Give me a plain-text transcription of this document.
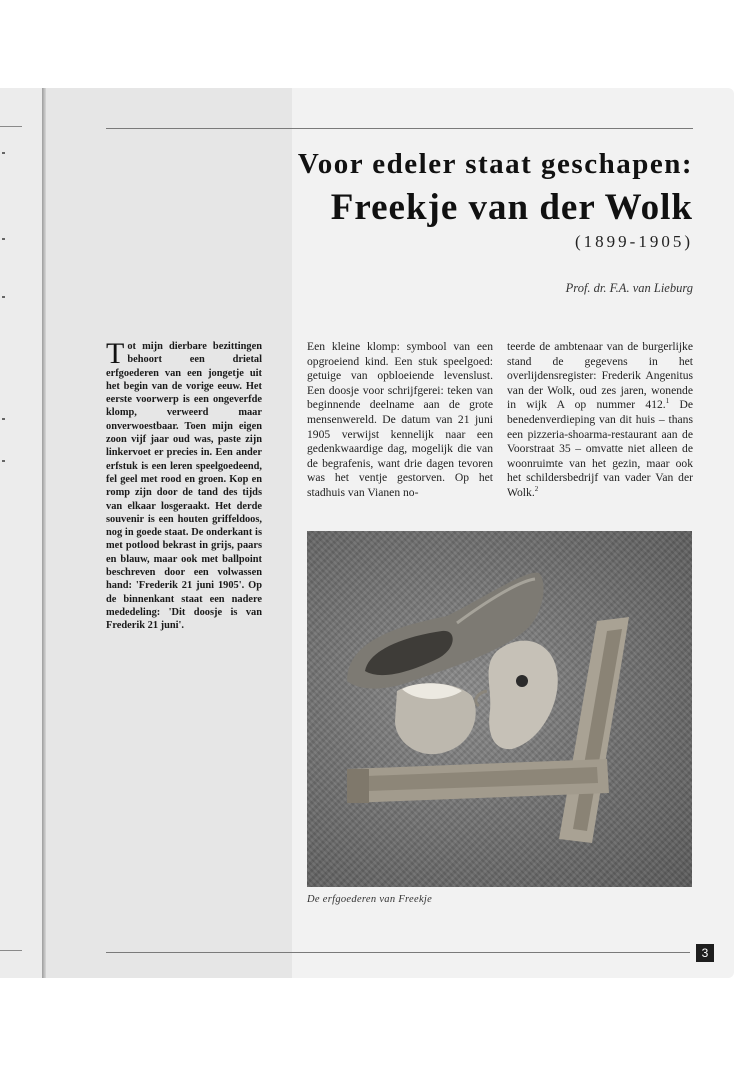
Voor edeler staat geschapen:
Freekje van der Wolk

(1899-1905)

Prof. dr. F.A. van Lieburg

Tot mijn dierbare bezittingen behoort een drietal erfgoederen van een jongetje uit het begin van de vorige eeuw. Het eerste voorwerp is een ongeverfde klomp, verweerd maar onverwoestbaar. Toen mijn eigen zoon vijf jaar oud was, paste zijn linkervoet er precies in. Een ander erfstuk is een leren speelgoedeend, fel geel met rood en groen. Kop en romp zijn door de tand des tijds van elkaar losgeraakt. Het derde souvenir is een houten griffeldoos, nog in goede staat. De onderkant is met potlood bekrast in grijs, paars en blauw, maar ook met ballpoint beschreven door een volwassen hand: 'Frederik 21 juni 1905'. Op de binnenkant staat een nadere mededeling: 'Dit doosje is van Frederik 21 juni'.

Een kleine klomp: symbool van een opgroeiend kind. Een stuk speelgoed: getuige van opbloeiende levenslust. Een doosje voor schrijfgerei: teken van beginnende deelname aan de grote mensenwereld. De datum van 21 juni 1905 verwijst kennelijk naar een gedenkwaardige dag, mogelijk die van de begrafenis, want drie dagen tevoren was het ventje gestorven. Op het stadhuis van Vianen no-

teerde de ambtenaar van de burgerlijke stand de gegevens in het overlijdensregister: Frederik Angenitus van der Wolk, oud zes jaren, wonende in wijk A op nummer 412.$^1$ De benedenverdieping van dit huis – thans een pizzeria-shoarma-restaurant aan de Voorstraat 35 – omvatte niet alleen de woonruimte van het gezin, maar ook het schildersbedrijf van vader Van der Wolk.$^2$

De erfgoederen van Freekje

3
